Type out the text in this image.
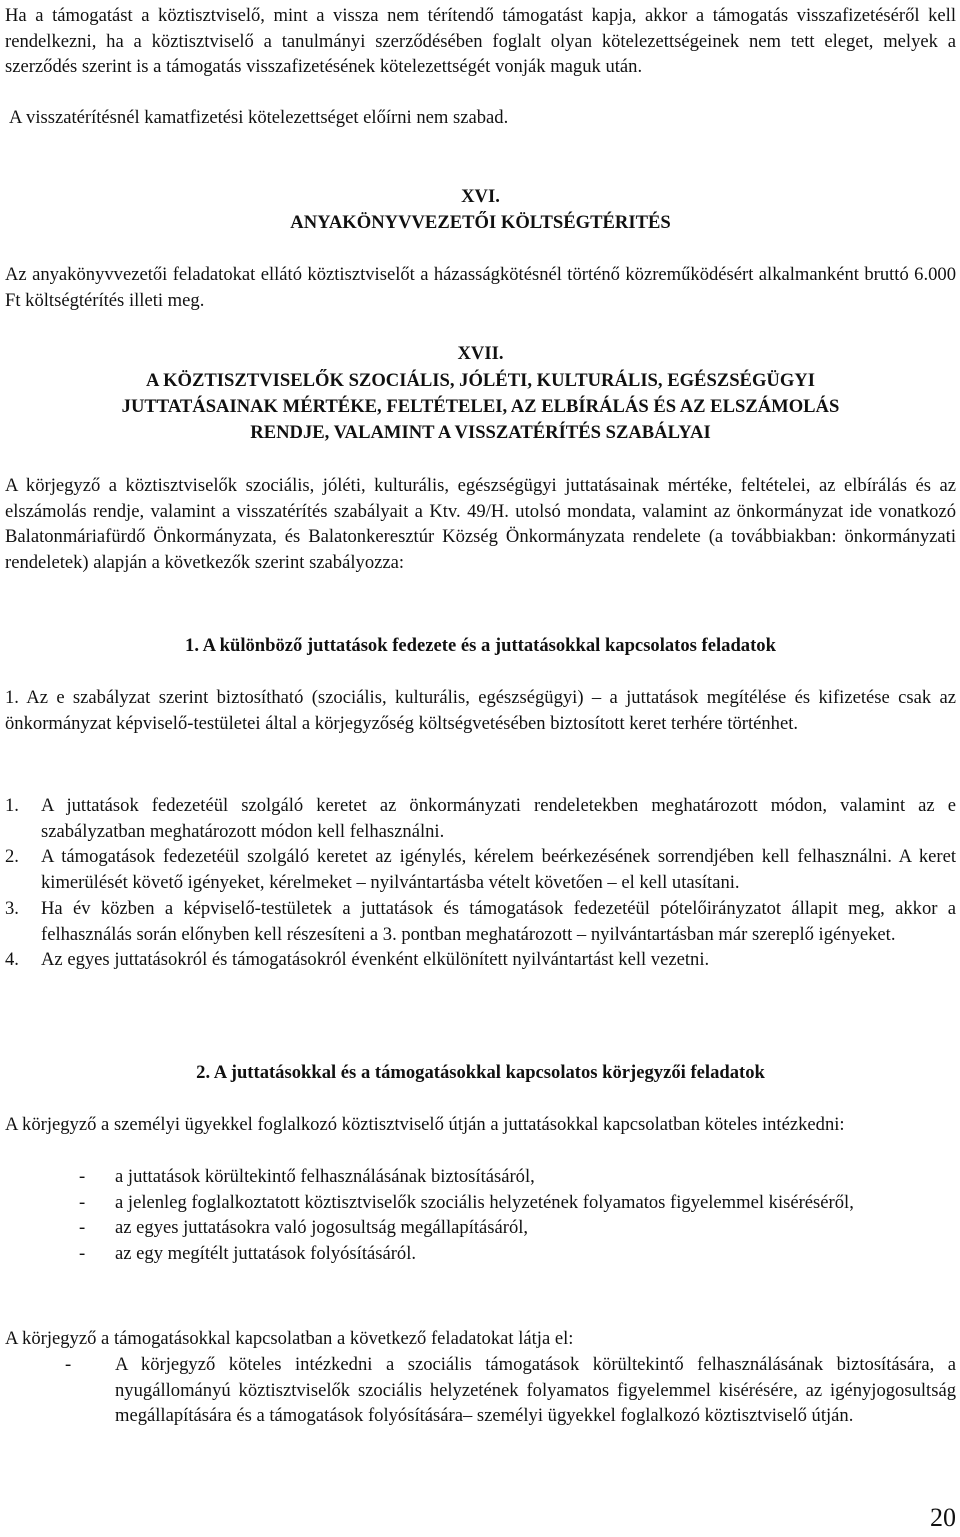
Ha a támogatást a köztisztviselő, mint a vissza nem térítendő támogatást kapja, akkor a támogatás visszafizetéséről kell rendelkezni, ha a köztisztviselő a tanulmányi szerződésében foglalt olyan kötelezettségeinek nem tett eleget, melyek a szerződés szerint is a támogatás visszafizetésének kötelezettségét vonják maguk után.

A visszatérítésnél kamatfizetési kötelezettséget előírni nem szabad.

XVI.
ANYAKÖNYVVEZETŐI KÖLTSÉGTÉRITÉS

Az anyakönyvvezetői feladatokat ellátó köztisztviselőt a házasságkötésnél történő közreműködésért alkalmanként bruttó 6.000 Ft költségtérítés illeti meg.

XVII.
A KÖZTISZTVISELŐK SZOCIÁLIS, JÓLÉTI, KULTURÁLIS, EGÉSZSÉGÜGYI
JUTTATÁSAINAK MÉRTÉKE, FELTÉTELEI, AZ ELBÍRÁLÁS ÉS AZ ELSZÁMOLÁS
RENDJE, VALAMINT A VISSZATÉRÍTÉS SZABÁLYAI

A körjegyző a köztisztviselők szociális, jóléti, kulturális, egészségügyi juttatásainak mértéke, feltételei, az elbírálás és az elszámolás rendje, valamint a visszatérítés szabályait a Ktv. 49/H. utolsó mondata, valamint az önkormányzat ide vonatkozó Balatonmáriafürdő Önkormányzata, és Balatonkeresztúr Község Önkormányzata rendelete (a továbbiakban: önkormányzati rendeletek) alapján a következők szerint szabályozza:

1. A különböző juttatások fedezete és a juttatásokkal kapcsolatos feladatok

1. Az e szabályzat szerint biztosítható (szociális, kulturális, egészségügyi) – a juttatások megítélése és kifizetése csak az önkormányzat képviselő-testületei által a körjegyzőség költségvetésében biztosított keret terhére történhet.

1.	A juttatások fedezetéül szolgáló keretet az önkormányzati rendeletekben meghatározott módon, valamint az e szabályzatban meghatározott módon kell felhasználni.
2.	A támogatások fedezetéül szolgáló keretet az igénylés, kérelem beérkezésének sorrendjében kell felhasználni. A keret kimerülését követő igényeket, kérelmeket – nyilvántartásba vételt követően – el kell utasítani.
3.	Ha év közben a képviselő-testületek a juttatások és támogatások fedezetéül pótelőirányzatot állapit meg, akkor a felhasználás során előnyben kell részesíteni a 3. pontban meghatározott – nyilvántartásban már szereplő igényeket.
4.	Az egyes juttatásokról és támogatásokról évenként elkülönített nyilvántartást kell vezetni.
2. A juttatásokkal és a támogatásokkal kapcsolatos körjegyzői feladatok

A körjegyző a személyi ügyekkel foglalkozó köztisztviselő útján a juttatásokkal kapcsolatban köteles intézkedni:

-	a juttatások körültekintő felhasználásának biztosításáról,
-	a jelenleg foglalkoztatott köztisztviselők szociális helyzetének folyamatos figyelemmel kiséréséről,
-	az egyes juttatásokra való jogosultság megállapításáról,
-	az egy megítélt juttatások folyósításáról.

A körjegyző a támogatásokkal kapcsolatban a következő feladatokat látja el:

-	A körjegyző köteles intézkedni a szociális támogatások körültekintő felhasználásának biztosítására, a nyugállományú köztisztviselők szociális helyzetének folyamatos figyelemmel kisérésére, az igényjogosultság megállapítására és a támogatások folyósítására– személyi ügyekkel foglalkozó köztisztviselő útján.
20
